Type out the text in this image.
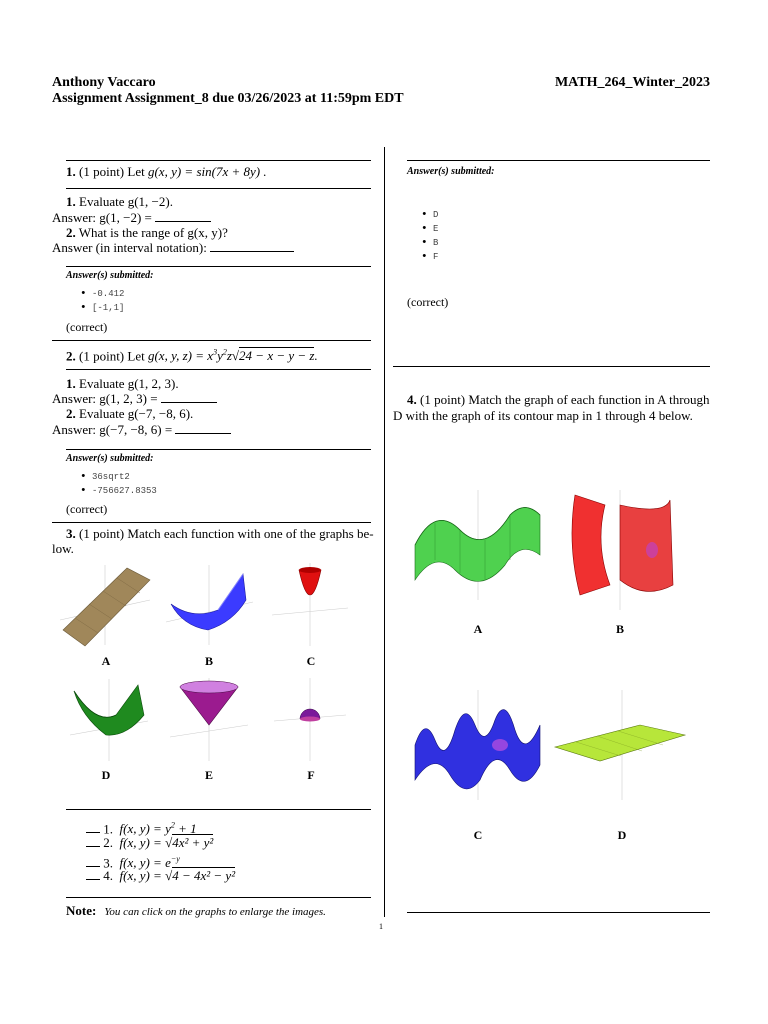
Anthony Vaccaro	MATH_264_Winter_2023
Assignment Assignment_8 due 03/26/2023 at 11:59pm EDT
1. (1 point) Let g(x, y) = sin(7x + 8y) .
1. Evaluate g(1, −2).
Answer: g(1, −2) =
2. What is the range of g(x, y)?
Answer (in interval notation):
Answer(s) submitted:
• -0.412
• [-1,1]
(correct)
2. (1 point) Let g(x, y, $z) = x^3y^2z√24 - x - y - z$.
1. Evaluate g(1, 2, 3).
Answer: g(1, 2, 3) =
2. Evaluate g(−7, −8, 6).
Answer: g(−7, −8, 6) =
Answer(s) submitted:
• 36sqrt2
• -756627.8353
(correct)
3. (1 point) Match each function with one of the graphs be-
low.
A	B	C
D	E	F
1. f(x, $y) = y^2 + 1$
2. f(x, y) = √4x² + y²
3. f(x, $y) = e^{-y}$
4. f(x, y) = √4 − 4x² − y²
Note: You can click on the graphs to enlarge the images.
1
Answer(s) submitted:
• D
• E
• B
• F
(correct)
4. (1 point) Match the graph of each function in A through
D with the graph of its contour map in 1 through 4 below.
A	B
C	D
